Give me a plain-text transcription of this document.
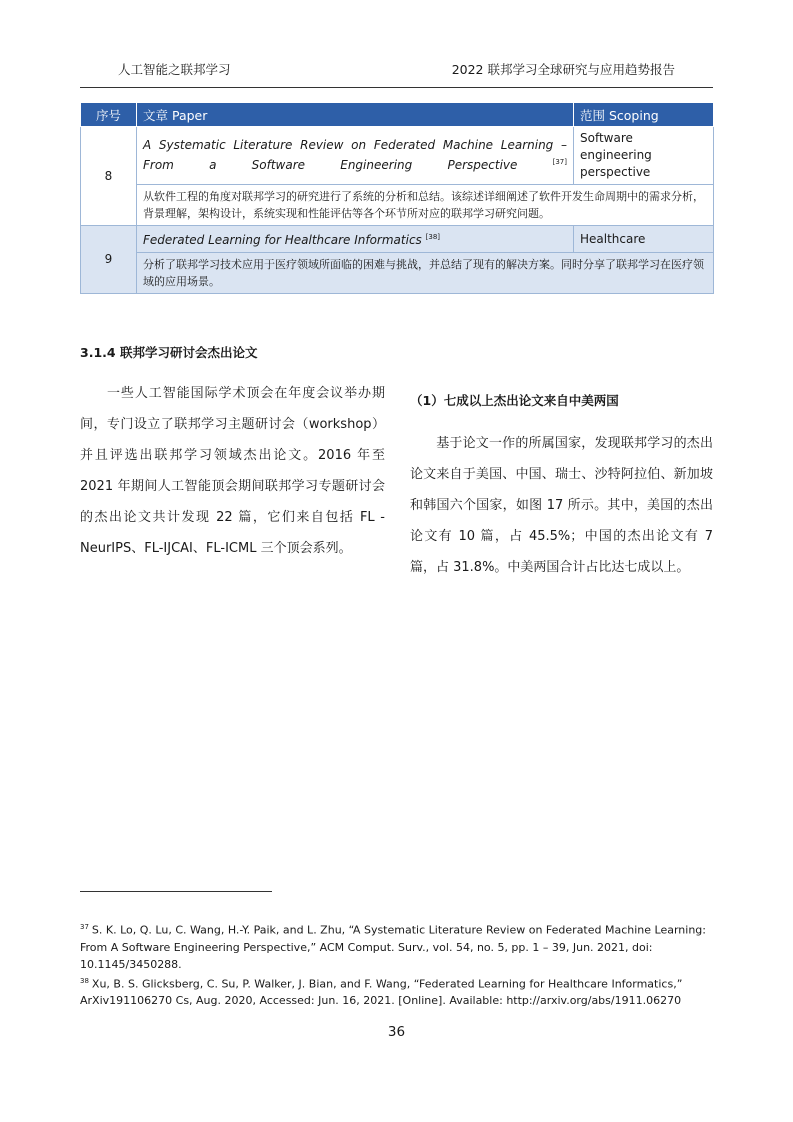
人工智能之联邦学习	2022 联邦学习全球研究与应用趋势报告
序号	文章 Paper	范围 Scoping
8	A Systematic Literature Review on Federated Machine Learning – From a Software Engineering Perspective [37]	Software engineering perspective
	从软件工程的角度对联邦学习的研究进行了系统的分析和总结。该综述详细阐述了软件开发生命周期中的需求分析，背景理解，架构设计，系统实现和性能评估等各个环节所对应的联邦学习研究问题。	
9	Federated Learning for Healthcare Informatics [38]	Healthcare
	分析了联邦学习技术应用于医疗领域所面临的困难与挑战，并总结了现有的解决方案。同时分享了联邦学习在医疗领域的应用场景。	
3.1.4 联邦学习研讨会杰出论文

一些人工智能国际学术顶会在年度会议举办期间，专门设立了联邦学习主题研讨会（workshop）并且评选出联邦学习领域杰出论文。2016 年至 2021 年期间人工智能顶会期间联邦学习专题研讨会的杰出论文共计发现 22 篇，它们来自包括 FL -NeurIPS、FL-IJCAI、FL-ICML 三个顶会系列。

（1）七成以上杰出论文来自中美两国

基于论文一作的所属国家，发现联邦学习的杰出论文来自于美国、中国、瑞士、沙特阿拉伯、新加坡和韩国六个国家，如图 17 所示。其中，美国的杰出论文有 10 篇，占 45.5%；中国的杰出论文有 7 篇，占 31.8%。中美两国合计占比达七成以上。

$^{37}$ S. K. Lo, Q. Lu, C. Wang, H.-Y. Paik, and L. Zhu, “A Systematic Literature Review on Federated Machine Learning: From A Software Engineering Perspective,” ACM Comput. Surv., vol. 54, no. 5, pp. 1 – 39, Jun. 2021, doi: 10.1145/3450288.
$^{38}$ Xu, B. S. Glicksberg, C. Su, P. Walker, J. Bian, and F. Wang, “Federated Learning for Healthcare Informatics,” ArXiv191106270 Cs, Aug. 2020, Accessed: Jun. 16, 2021. [Online]. Available: http://arxiv.org/abs/1911.06270
36
